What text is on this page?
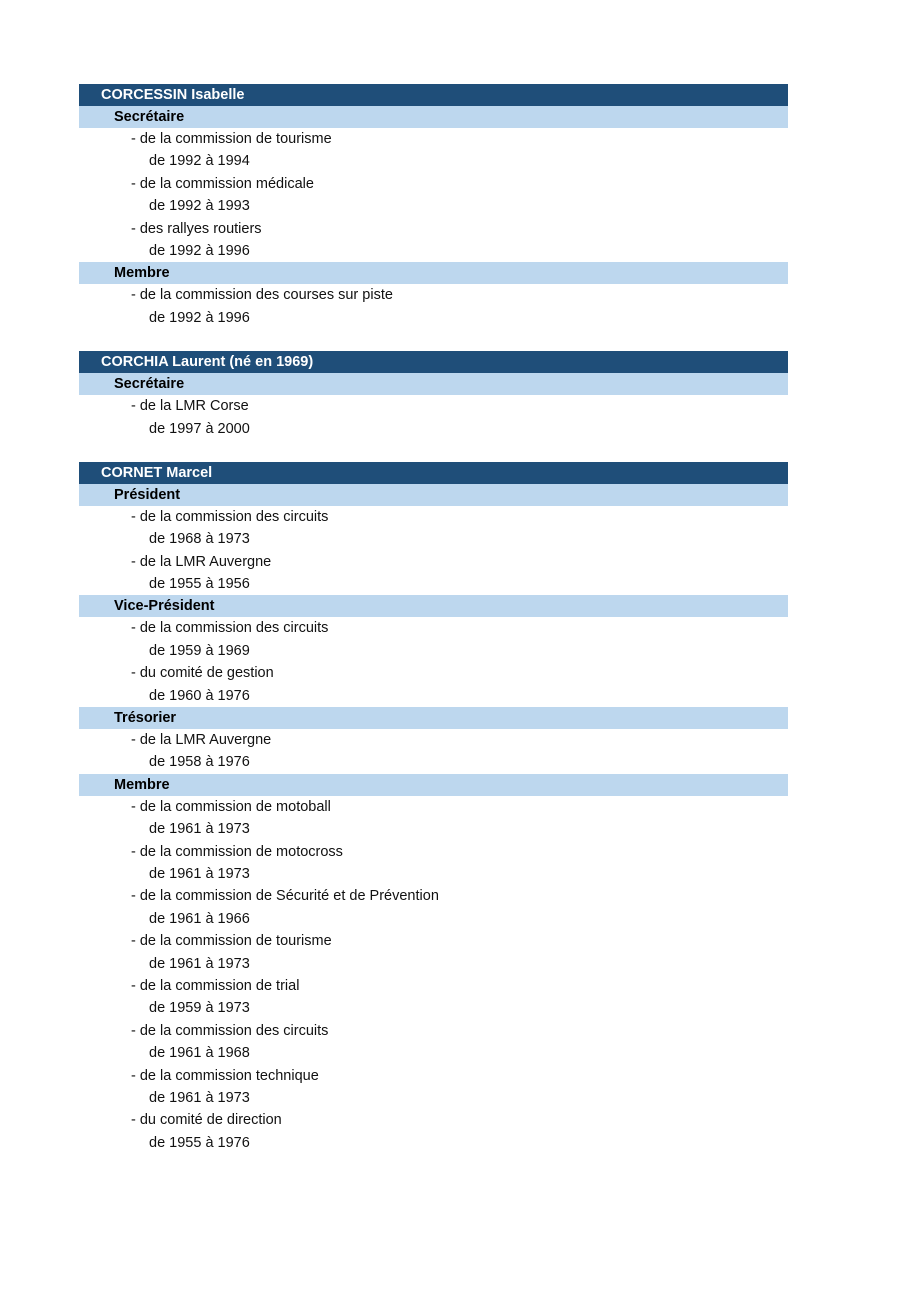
CORCESSIN Isabelle
Secrétaire
- de la commission de tourisme
de 1992 à 1994
- de la commission médicale
de 1992 à 1993
- des rallyes routiers
de 1992 à 1996
Membre
- de la commission des courses sur piste
de 1992 à 1996
CORCHIA Laurent (né en 1969)
Secrétaire
- de la LMR Corse
de 1997 à 2000
CORNET Marcel
Président
- de la commission des circuits
de 1968 à 1973
- de la LMR Auvergne
de 1955 à 1956
Vice-Président
- de la commission des circuits
de 1959 à 1969
- du comité de gestion
de 1960 à 1976
Trésorier
- de la LMR Auvergne
de 1958 à 1976
Membre
- de la commission de motoball
de 1961 à 1973
- de la commission de motocross
de 1961 à 1973
- de la commission de Sécurité et de Prévention
de 1961 à 1966
- de la commission de tourisme
de 1961 à 1973
- de la commission de trial
de 1959 à 1973
- de la commission des circuits
de 1961 à 1968
- de la commission technique
de 1961 à 1973
- du comité de direction
de 1955 à 1976
